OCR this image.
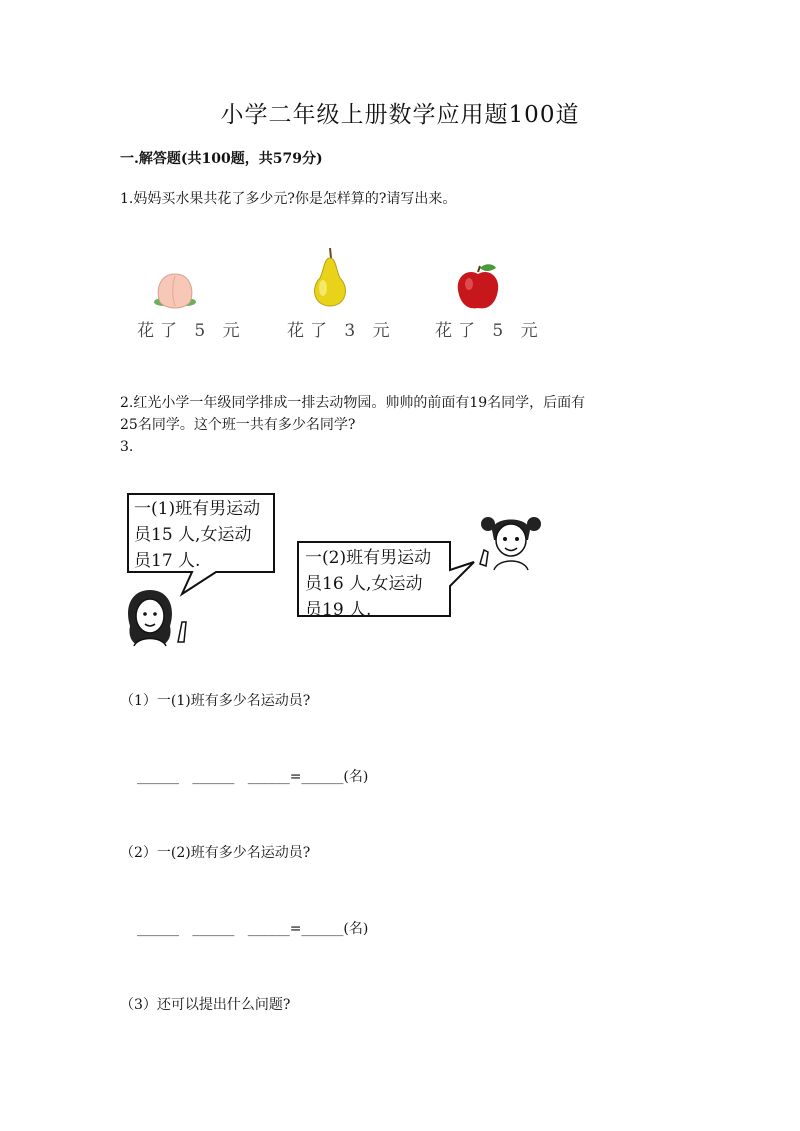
小学二年级上册数学应用题100道
一.解答题(共100题，共579分)
1.妈妈买水果共花了多少元?你是怎样算的?请写出来。
花了 5 元 花了 3 元 花了 5 元
2.红光小学一年级同学排成一排去动物园。帅帅的前面有19名同学，后面有
25名同学。这个班一共有多少名同学?
3.
一(1)班有男运动
员15 人,女运动
员17 人.	一(2)班有男运动
员16 人,女运动
员19 人.
（1）一(1)班有多少名运动员?
______   ______   ______=______(名)
（2）一(2)班有多少名运动员?
______   ______   ______=______(名)
（3）还可以提出什么问题?
